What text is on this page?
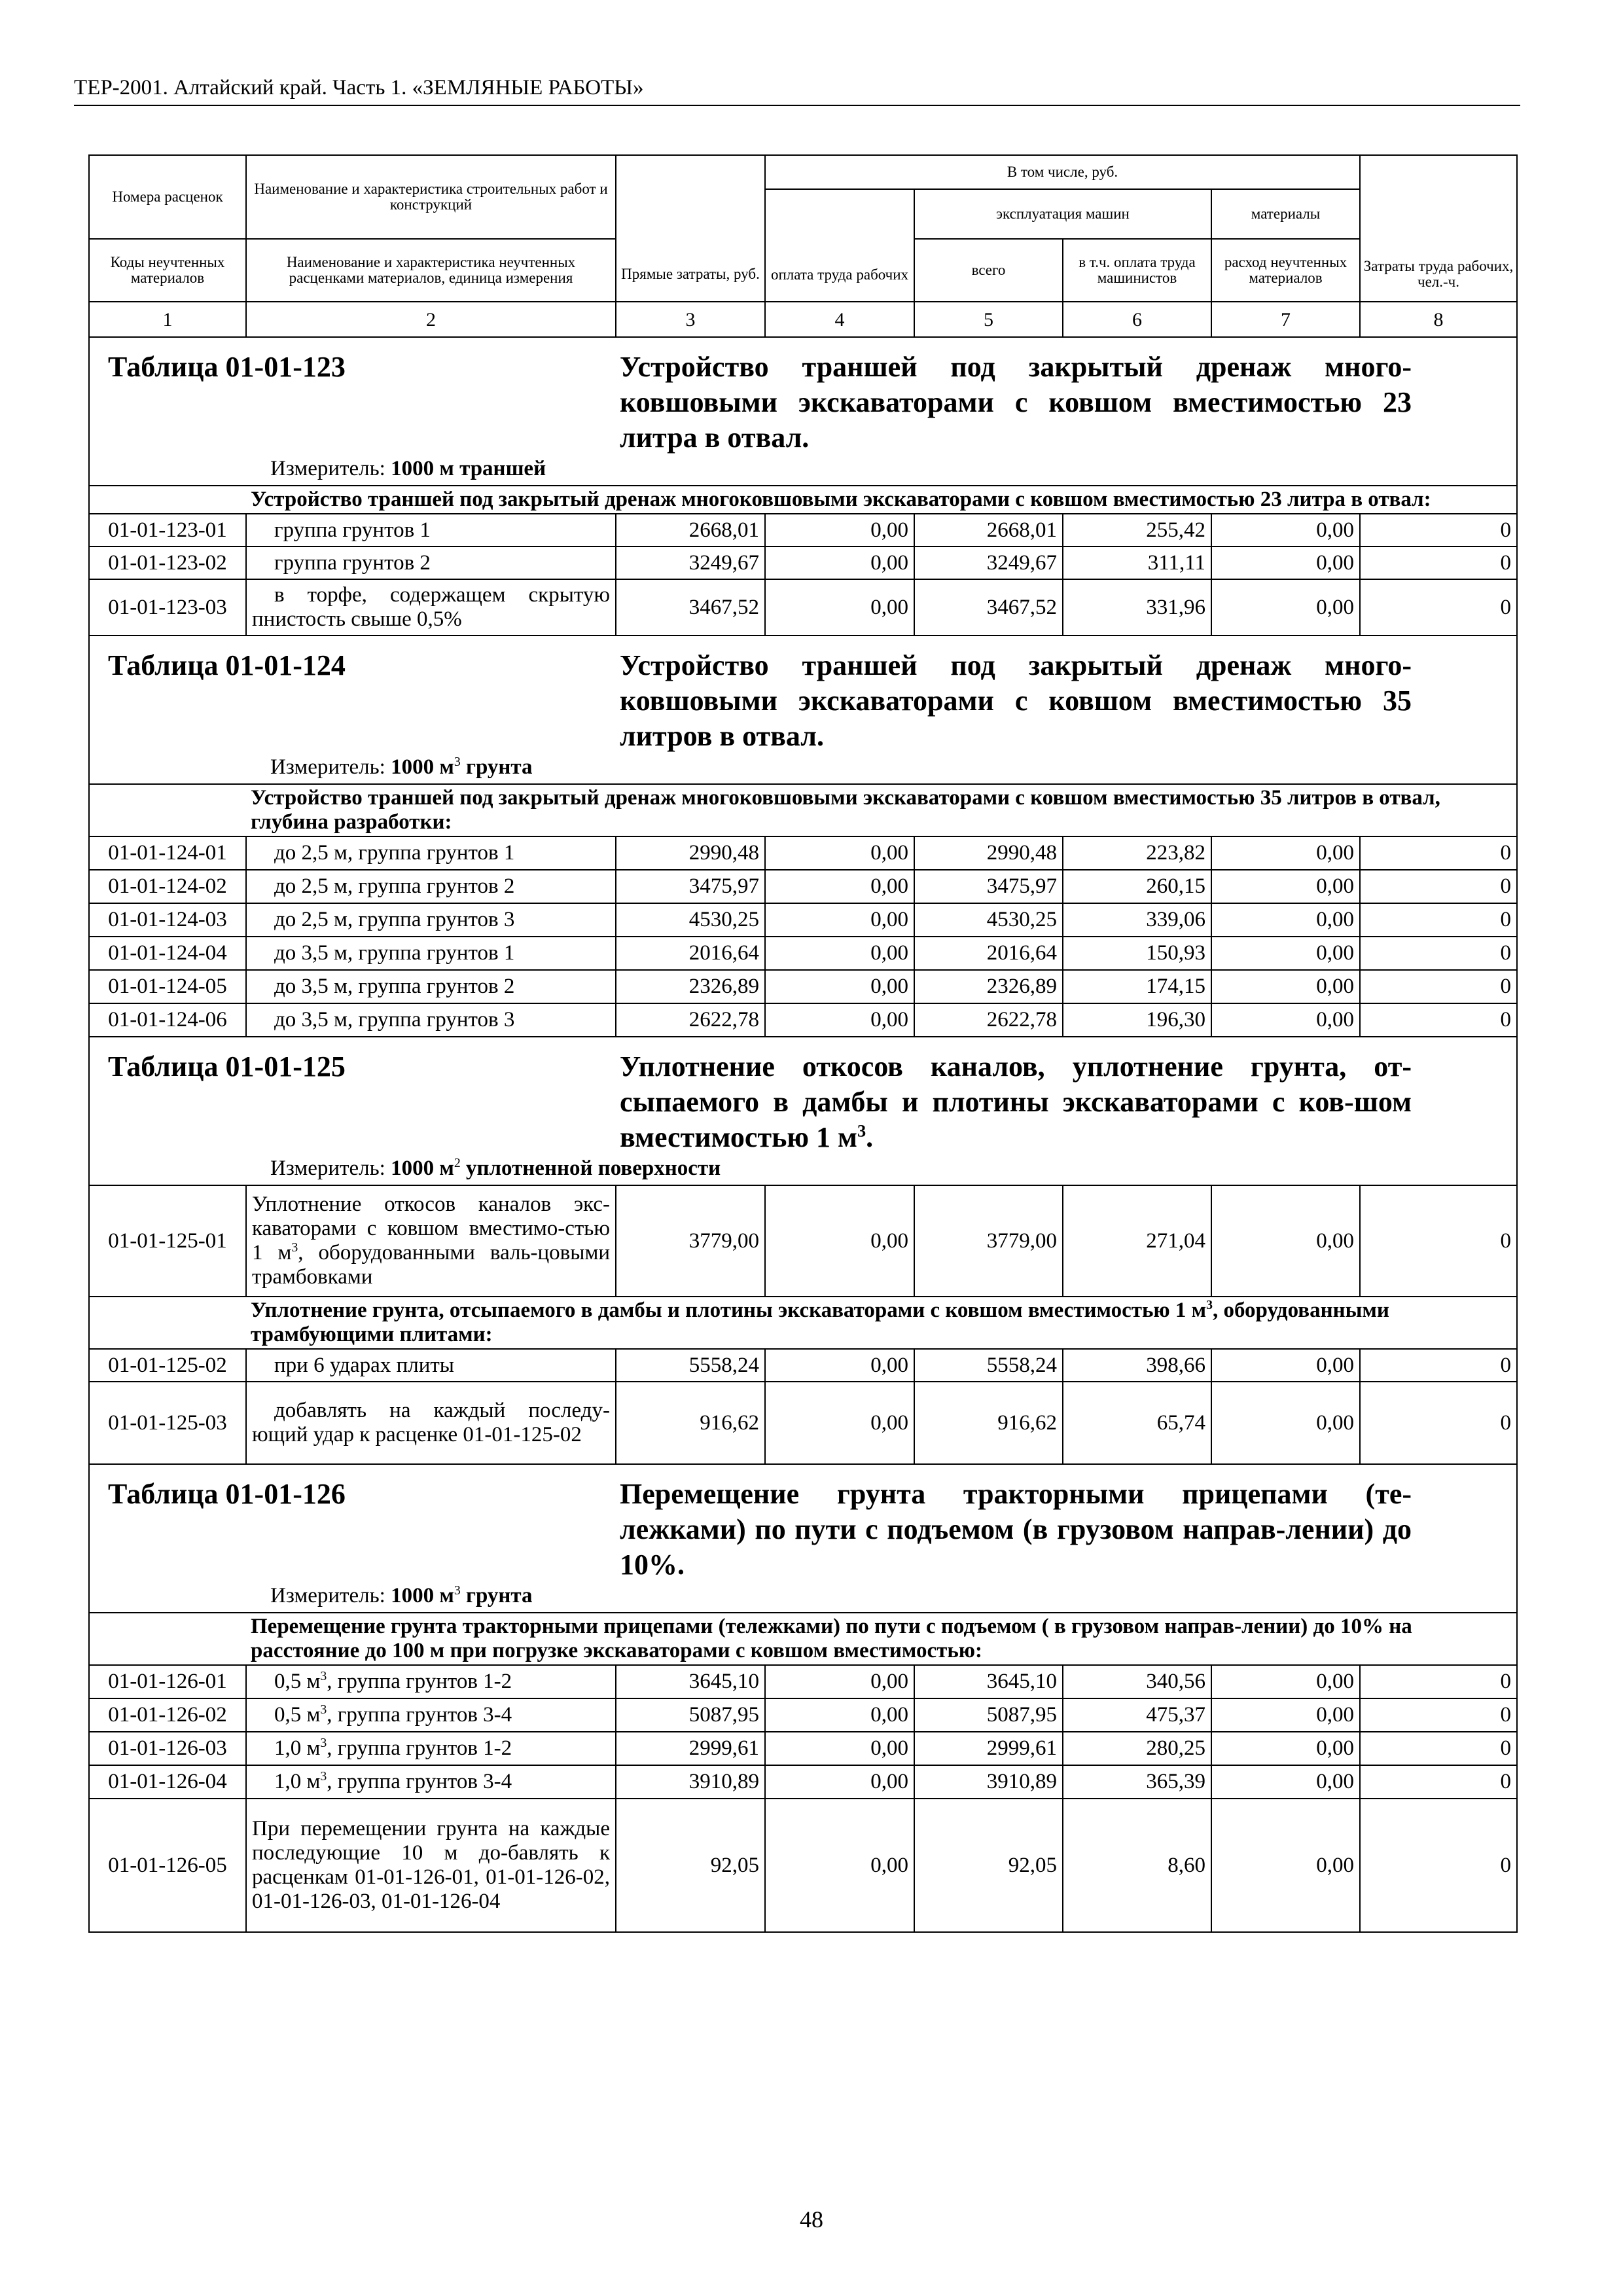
ТЕР-2001. Алтайский край. Часть 1. «ЗЕМЛЯНЫЕ РАБОТЫ»
Номера расценок	Наименование и характеристика строительных работ и конструкций	Прямые затраты, руб.	В том числе, руб.				Затраты труда рабочих, чел.-ч.

			оплата труда рабочих	эксплуатация машин		материалы	
Коды неучтенных материалов	Наименование и характеристика неучтенных расценками материалов, единица измерения			всего	в т.ч. оплата труда машинистов	расход неучтенных материалов	

1	2	3	4	5	6	7	8

Таблица 01-01-123 Устройство траншей под закрытый дренаж много-ковшовыми экскаваторами с ковшом вместимостью 23 литра в отвал.
Измеритель: 1000 м траншей							

Устройство траншей под закрытый дренаж многоковшовыми экскаваторами с ковшом вместимостью 23 литра в отвал:							
01-01-123-01	группа грунтов 1	2668,01	0,00	2668,01	255,42	0,00	0
01-01-123-02	группа грунтов 2	3249,67	0,00	3249,67	311,11	0,00	0
01-01-123-03	в торфе, содержащем скрытую пнистость свыше 0,5%	3467,52	0,00	3467,52	331,96	0,00	0

Таблица 01-01-124 Устройство траншей под закрытый дренаж много-ковшовыми экскаваторами с ковшом вместимостью 35 литров в отвал.
Измеритель: 1000 $м^3$ грунта							

Устройство траншей под закрытый дренаж многоковшовыми экскаваторами с ковшом вместимостью 35 литров в отвал, глубина разработки:							
01-01-124-01	до 2,5 м, группа грунтов 1	2990,48	0,00	2990,48	223,82	0,00	0
01-01-124-02	до 2,5 м, группа грунтов 2	3475,97	0,00	3475,97	260,15	0,00	0
01-01-124-03	до 2,5 м, группа грунтов 3	4530,25	0,00	4530,25	339,06	0,00	0
01-01-124-04	до 3,5 м, группа грунтов 1	2016,64	0,00	2016,64	150,93	0,00	0
01-01-124-05	до 3,5 м, группа грунтов 2	2326,89	0,00	2326,89	174,15	0,00	0
01-01-124-06	до 3,5 м, группа грунтов 3	2622,78	0,00	2622,78	196,30	0,00	0

Таблица 01-01-125 Уплотнение откосов каналов, уплотнение грунта, от-сыпаемого в дамбы и плотины экскаваторами с ков-шом вместимостью 1 $м^3$.
Измеритель: 1000 $м^2$ уплотненной поверхности							

01-01-125-01	Уплотнение откосов каналов экс-каваторами с ковшом вместимо-стью 1 $м^3$, оборудованными валь-цовыми трамбовками	3779,00	0,00	3779,00	271,04	0,00	0
Уплотнение грунта, отсыпаемого в дамбы и плотины экскаваторами с ковшом вместимостью 1 $м^3$, оборудованными трамбующими плитами:							
01-01-125-02	при 6 ударах плиты	5558,24	0,00	5558,24	398,66	0,00	0
01-01-125-03	добавлять на каждый последу-ющий удар к расценке 01-01-125-02	916,62	0,00	916,62	65,74	0,00	0

Таблица 01-01-126 Перемещение грунта тракторными прицепами (те-лежками) по пути с подъемом (в грузовом направ-лении) до 10%.
Измеритель: 1000 $м^3$ грунта							

Перемещение грунта тракторными прицепами (тележками) по пути с подъемом ( в грузовом направ-лении) до 10% на расстояние до 100 м при погрузке экскаваторами с ковшом вместимостью:							
01-01-126-01	0,5 $м^3$, группа грунтов 1-2	3645,10	0,00	3645,10	340,56	0,00	0
01-01-126-02	0,5 $м^3$, группа грунтов 3-4	5087,95	0,00	5087,95	475,37	0,00	0
01-01-126-03	1,0 $м^3$, группа грунтов 1-2	2999,61	0,00	2999,61	280,25	0,00	0
01-01-126-04	1,0 $м^3$, группа грунтов 3-4	3910,89	0,00	3910,89	365,39	0,00	0
01-01-126-05	При перемещении грунта на каждые последующие 10 м до-бавлять к расценкам 01-01-126-01, 01-01-126-02, 01-01-126-03, 01-01-126-04	92,05	0,00	92,05	8,60	0,00	0
48
